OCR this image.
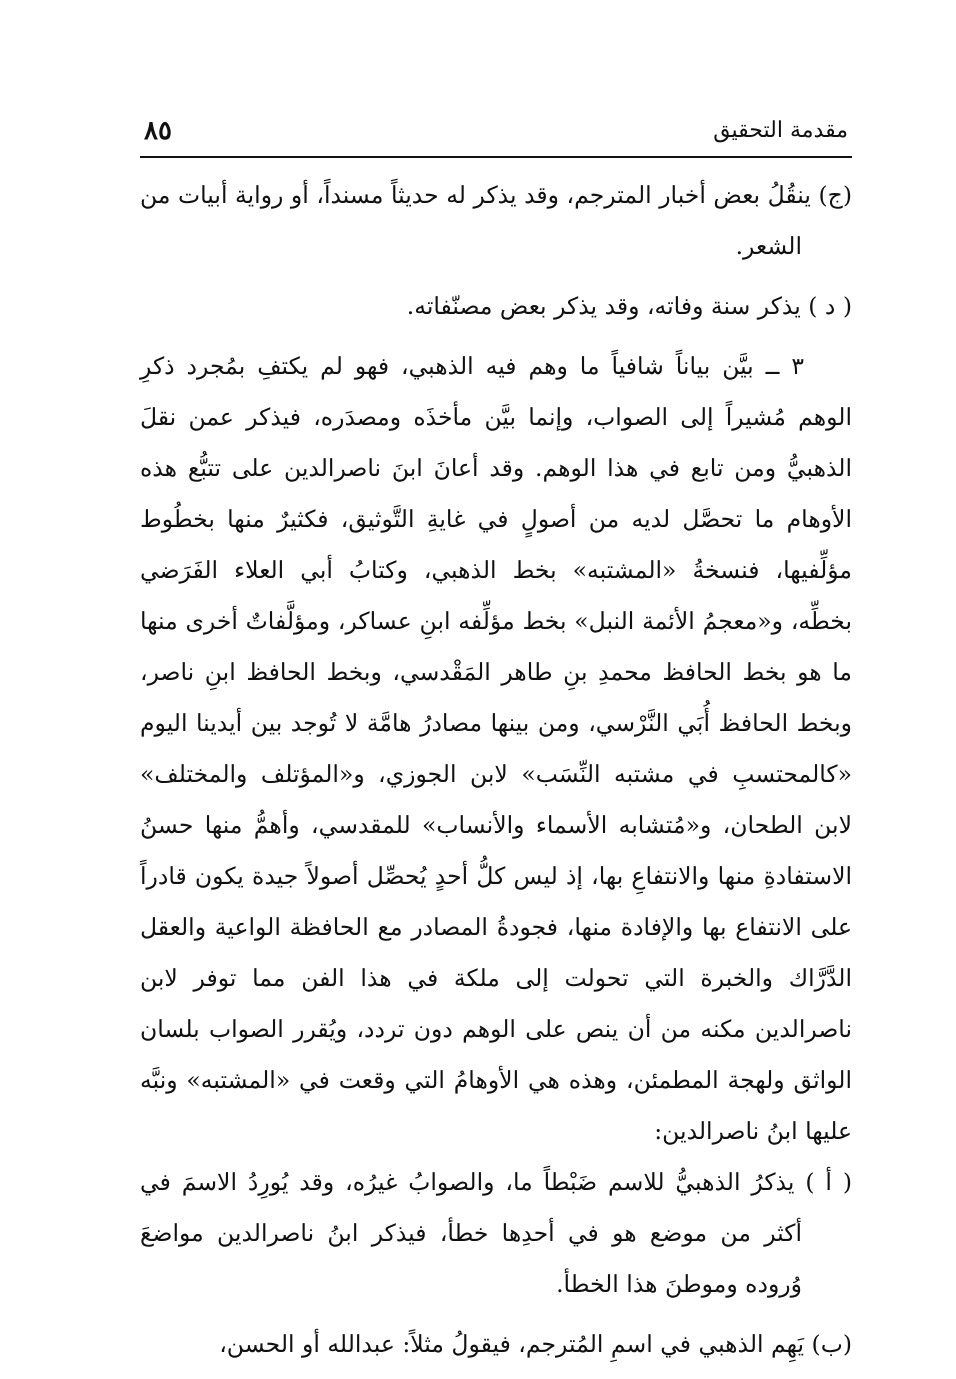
مقدمة التحقيق
٨٥

(ج) ينقُلُ بعض أخبار المترجم، وقد يذكر له حديثاً مسنداً، أو رواية أبيات من الشعر.

( د ) يذكر سنة وفاته، وقد يذكر بعض مصنّفاته.

٣ ــ بيَّن بياناً شافياً ما وهم فيه الذهبي، فهو لم يكتفِ بمُجرد ذكرِ الوهم مُشيراً إلى الصواب، وإنما بيَّن مأخذَه ومصدَره، فيذكر عمن نقلَ الذهبيُّ ومن تابع في هذا الوهم. وقد أعانَ ابنَ ناصرالدين على تتبُّع هذه الأوهام ما تحصَّل لديه من أصولٍ في غايةِ التَّوثيق، فكثيرٌ منها بخطُوط مؤلِّفيها، فنسخةُ «المشتبه» بخط الذهبي، وكتابُ أبي العلاء الفَرَضي بخطِّه، و«معجمُ الأئمة النبل» بخط مؤلِّفه ابنِ عساكر، ومؤلَّفاتٌ أخرى منها ما هو بخط الحافظ محمدِ بنِ طاهر المَقْدسي، وبخط الحافظ ابنِ ناصر، وبخط الحافظ أُبَي النَّرْسي، ومن بينها مصادرُ هامَّة لا تُوجد بين أيدينا اليوم «كالمحتسبِ في مشتبه النِّسَب» لابن الجوزي، و«المؤتلف والمختلف» لابن الطحان، و«مُتشابه الأسماء والأنساب» للمقدسي، وأهمُّ منها حسنُ الاستفادةِ منها والانتفاعِ بها، إذ ليس كلُّ أحدٍ يُحصِّل أصولاً جيدة يكون قادراً على الانتفاع بها والإفادة منها، فجودةُ المصادر مع الحافظة الواعية والعقل الدَّرَّاك والخبرة التي تحولت إلى ملكة في هذا الفن مما توفر لابن ناصرالدين مكنه من أن ينص على الوهم دون تردد، ويُقرر الصواب بلسان الواثق ولهجة المطمئن، وهذه هي الأوهامُ التي وقعت في «المشتبه» ونبَّه عليها ابنُ ناصرالدين:

( أ ) يذكرُ الذهبيُّ للاسم ضَبْطاً ما، والصوابُ غيرُه، وقد يُورِدُ الاسمَ في أكثر من موضع هو في أحدِها خطأ، فيذكر ابنُ ناصرالدين مواضعَ وُروده وموطنَ هذا الخطأ.

(ب) يَهِم الذهبي في اسمِ المُترجم، فيقولُ مثلاً: عبدالله أو الحسن،
